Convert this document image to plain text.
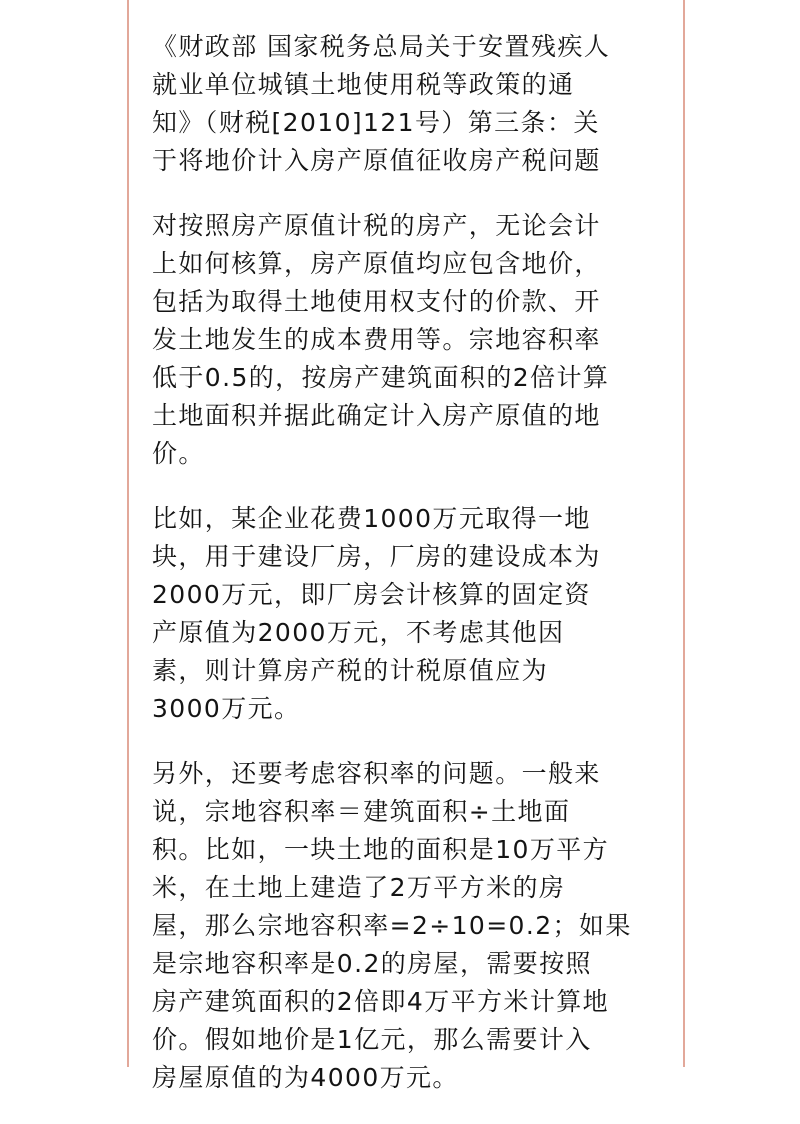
《财政部 国家税务总局关于安置残疾人
就业单位城镇土地使用税等政策的通
知》（财税[2010]121号）第三条：关
于将地价计入房产原值征收房产税问题
对按照房产原值计税的房产，无论会计
上如何核算，房产原值均应包含地价，
包括为取得土地使用权支付的价款、开
发土地发生的成本费用等。宗地容积率
低于0.5的，按房产建筑面积的2倍计算
土地面积并据此确定计入房产原值的地
价。
比如，某企业花费1000万元取得一地
块，用于建设厂房，厂房的建设成本为
2000万元，即厂房会计核算的固定资
产原值为2000万元，不考虑其他因
素，则计算房产税的计税原值应为
3000万元。
另外，还要考虑容积率的问题。一般来
说，宗地容积率＝建筑面积÷土地面
积。比如，一块土地的面积是10万平方
米，在土地上建造了2万平方米的房
屋，那么宗地容积率=2÷10=0.2；如果
是宗地容积率是0.2的房屋，需要按照
房产建筑面积的2倍即4万平方米计算地
价。假如地价是1亿元，那么需要计入
房屋原值的为4000万元。
